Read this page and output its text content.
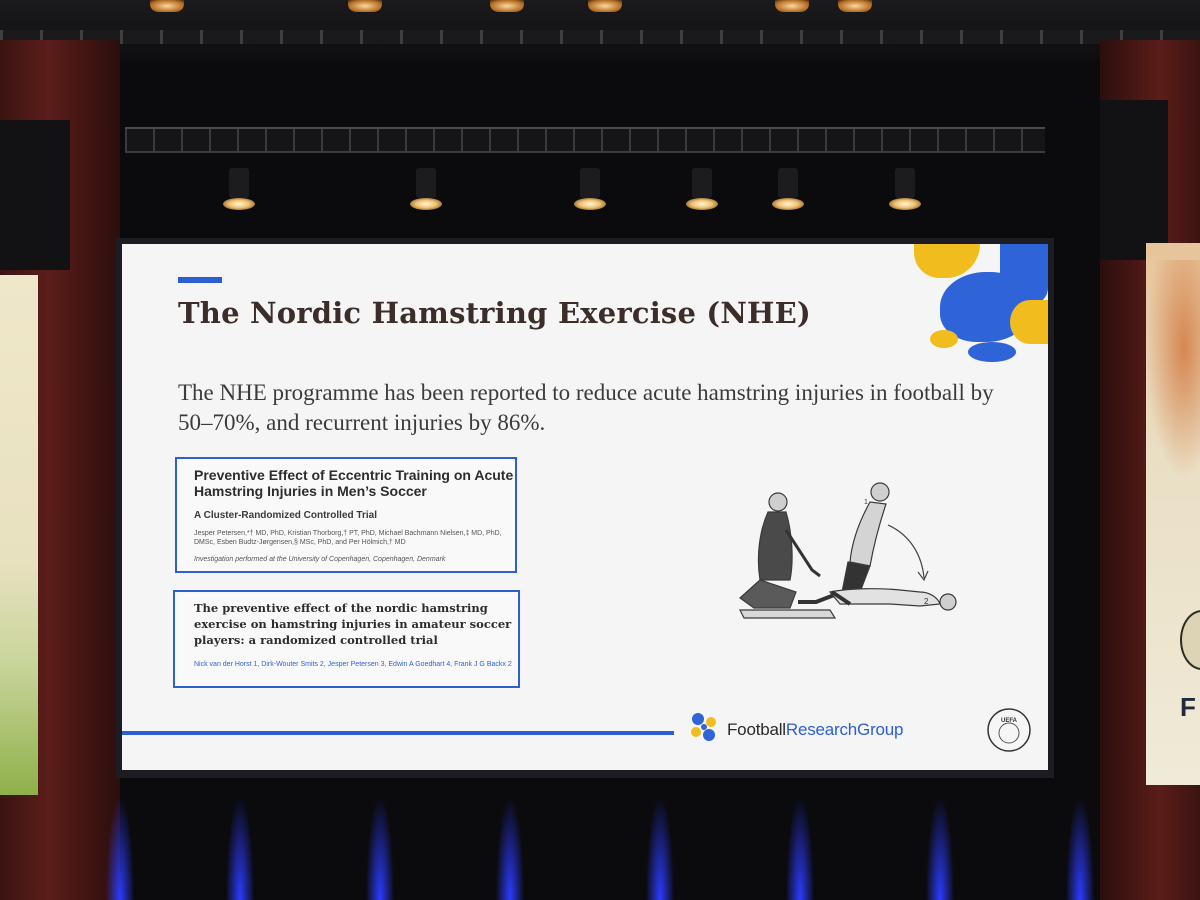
F
The Nordic Hamstring Exercise (NHE)
The NHE programme has been reported to reduce acute hamstring injuries in football by 50–70%, and recurrent injuries by 86%.
Preventive Effect of Eccentric Training on Acute Hamstring Injuries in Men’s Soccer
A Cluster-Randomized Controlled Trial
Jesper Petersen,*† MD, PhD, Kristian Thorborg,† PT, PhD, Michael Bachmann Nielsen,‡ MD, PhD, DMSc, Esben Budtz-Jørgensen,§ MSc, PhD, and Per Hölmich,† MD
Investigation performed at the University of Copenhagen, Copenhagen, Denmark
The preventive effect of the nordic hamstring exercise on hamstring injuries in amateur soccer players: a randomized controlled trial
Nick van der Horst 1, Dirk-Wouter Smits 2, Jesper Petersen 3, Edwin A Goedhart 4, Frank J G Backx 2
1
2
FootballResearchGroup	UEFA
